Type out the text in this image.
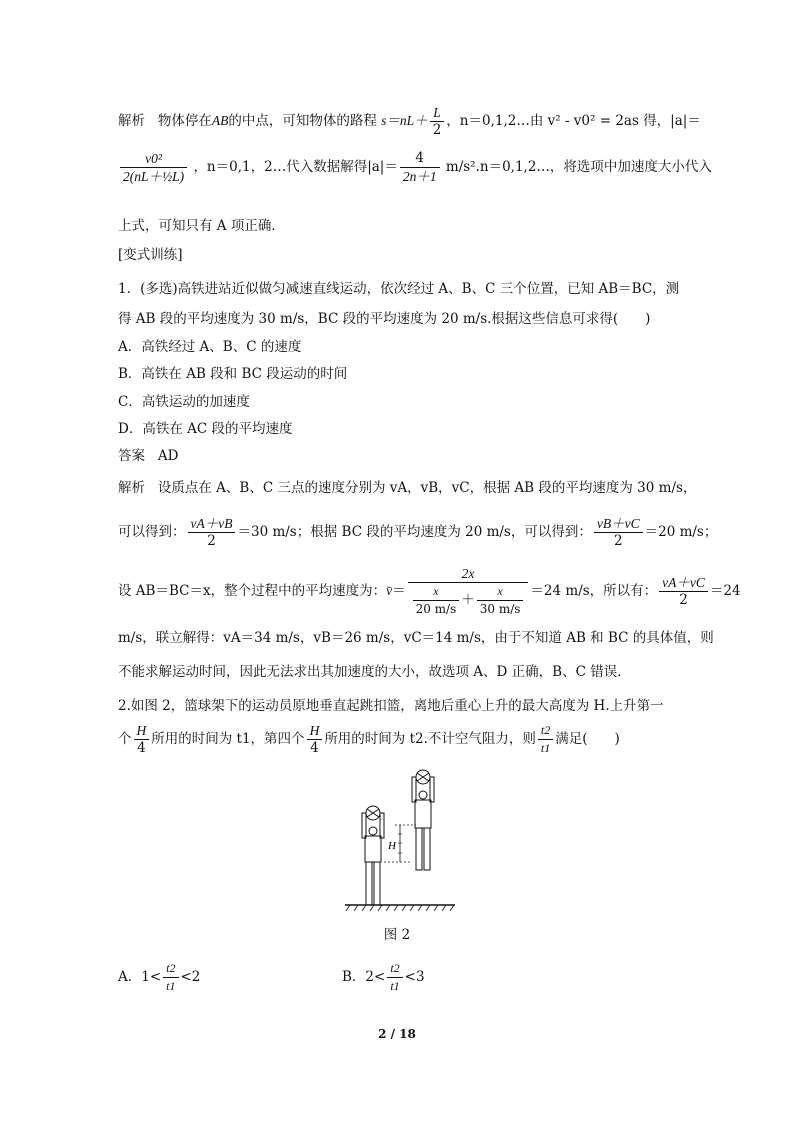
解析 物体停在AB的中点，可知物体的路程 $s=nL+ \frac{L}{2}$ ，n＝0,1,2…由 v² - v0² = 2as 得，|a|＝
$\frac{\text{v0²}}{\text{2(nL＋½L)}}$ ，n＝0,1，2…代入数据解得$|a|= \frac{4}{2n+1}$ m/s².n＝0,1,2…，将选项中加速度大小代入
上式，可知只有 A 项正确．
[变式训练]
1．(多选)高铁进站近似做匀减速直线运动，依次经过 A、B、C 三个位置，已知 AB＝BC，测
得 AB 段的平均速度为 30 m/s，BC 段的平均速度为 20 m/s.根据这些信息可求得(　　)
A．高铁经过 A、B、C 的速度
B．高铁在 AB 段和 BC 段运动的时间
C．高铁运动的加速度
D．高铁在 AC 段的平均速度
答案 AD
解析 设质点在 A、B、C 三点的速度分别为 vA，vB，vC，根据 AB 段的平均速度为 30 m/s，
可以得到： $\frac{vA+vB}{2} =30$ m/s；根据 BC 段的平均速度为 20 m/s，可以得到： $\frac{vB+vC}{2} =20$ m/s；
设 AB＝BC＝x，整个过程中的平均速度为：v̄＝ $\frac{2x}{\frac{x}{20 m/s} + \frac{x}{30 m/s}} =24$ m/s，所以有： $\frac{vA+vC}{2} =24$
m/s，联立解得：vA＝34 m/s，vB＝26 m/s，vC＝14 m/s，由于不知道 AB 和 BC 的具体值，则
不能求解运动时间，因此无法求出其加速度的大小，故选项 A、D 正确，B、C 错误．
2.如图 2，篮球架下的运动员原地垂直起跳扣篮，离地后重心上升的最大高度为 H.上升第一
个 $\frac{H}{4}$ 所用的时间为 t1，第四个 $\frac{H}{4}$ 所用的时间为 t2.不计空气阻力，则 $\frac{t2}{t1}$ 满足(　　)
H
图 2
A．$1< \frac{t2}{t1} <2$	B．$2< \frac{t2}{t1} <3$
2 / 18
